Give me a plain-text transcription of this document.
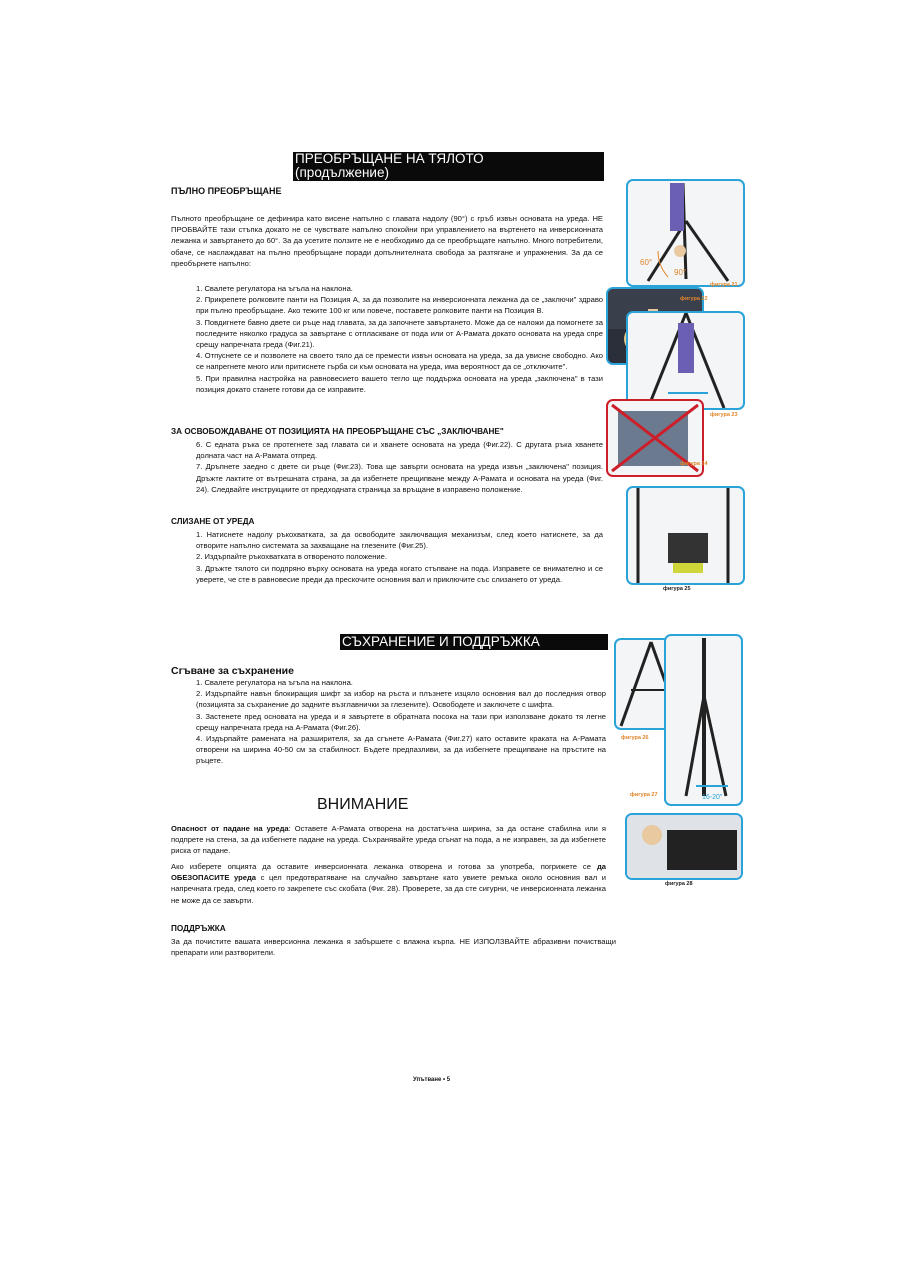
ПРЕОБРЪЩАНЕ НА ТЯЛОТО
(продължение)
ПЪЛНО ПРЕОБРЪЩАНЕ
Пълното преобръщане се дефинира като висене напълно с главата надолу (90°) с гръб извън основата на уреда. НЕ ПРОБВАЙТЕ тази стъпка докато не се чувствате напълно спокойни при управлението на въртенето на инверсионната лежанка и завъртането до 60°. За да усетите ползите не е необходимо да се преобръщате напълно. Много потребители, обаче, се наслаждават на пълно преобръщане поради допълнителната свобода за разтягане и упражнения. За да се преобърнете напълно:
1. Свалете регулатора на ъгъла на наклона.
2. Прикрепете ролковите панти на Позиция А, за да позволите на инверсионната лежанка да се „заключи" здраво при пълно преобръщане. Ако тежите 100 кг или повече, поставете ролковите панти на Позиция В.
3. Повдигнете бавно двете си ръце над главата, за да започнете завъртането. Може да се наложи да помогнете за последните няколко градуса за завъртане с отпласкване от пода или от А-Рамата докато основата на уреда спре срещу напречната греда (Фиг.21).
4. Отпуснете се и позволете на своето тяло да се премести извън основата на уреда, за да увисне свободно. Ако се напрегнете много или притиснете гърба си към основата на уреда, има вероятност да се „отключите".
5. При правилна настройка на равновесието вашето тегло ще поддържа основата на уреда „заключена" в тази позиция докато станете готови да се изправите.
ЗА ОСВОБОЖДАВАНЕ ОТ ПОЗИЦИЯТА НА ПРЕОБРЪЩАНЕ СЪС „ЗАКЛЮЧВАНЕ"
6. С едната ръка се протегнете зад главата си и хванете основата на уреда (Фиг.22). С другата ръка хванете долната част на А-Рамата отпред.
7. Дръпнете заедно с двете си ръце (Фиг.23). Това ще завърти основата на уреда извън „заключена" позиция. Дръжте лактите от вътрешната страна, за да избегнете прещипване между А-Рамата и основата на уреда (Фиг. 24). Следвайте инструкциите от предходната страница за връщане в изправено положение.
СЛИЗАНЕ ОТ УРЕДА
1. Натиснете надолу ръкохватката, за да освободите заключващия механизъм, след което натиснете, за да отворите напълно системата за захващане на глезените (Фиг.25).
2. Издърпайте ръкохватката в отвореното положение.
3. Дръжте тялото си подпряно върху основата на уреда когато стъпване на пода. Изправете се внимателно и се уверете, че сте в равновесие преди да прескочите основния вал и приключите със слизането от уреда.
СЪХРАНЕНИЕ И ПОДДРЪЖКА
Сгъване за съхранение
1. Свалете регулатора на ъгъла на наклона.
2. Издърпайте навън блокиращия шифт за избор на ръста и плъзнете изцяло основния вал до последния отвор (позицията за съхранение до задните възглавнички за глезените). Освободете и заключете с шифта.
3. Застенете пред основата на уреда и я завъртете в обратната посока на тази при използване докато тя легне срещу напречната греда на А-Рамата (Фиг.26).
4. Издърпайте рамената на разширителя, за да сгънете А-Рамата (Фиг.27) като оставите краката на А-Рамата отворени на ширина 40-50 см за стабилност. Бъдете предпазливи, за да избегнете прещипване на пръстите на ръцете.
ВНИМАНИЕ
Опасност от падане на уреда: Оставете А-Рамата отворена на достатъчна ширина, за да остане стабилна или я подпрете на стена, за да избегнете падане на уреда. Съхранявайте уреда сгънат на пода, а не изправен, за да избегнете риска от падане.
Ако изберете опцията да оставите инверсионната лежанка отворена и готова за употреба, погрижете се да ОБЕЗОПАСИТЕ уреда с цел предотвратяване на случайно завъртане като увиете ремъка около основния вал и напречната греда, след което го закрепете със скобата (Фиг. 28). Проверете, за да сте сигурни, че инверсионната лежанка не може да се завърти.
ПОДДРЪЖКА
За да почистите вашата инверсионна лежанка я забършете с влажна кърпа. НЕ ИЗПОЛЗВАЙТЕ абразивни почистващи препарати или разтворители.
Упътване • 5
60°
90°
фигура 21
фигура 22
фигура 23
фигура 24
фигура 25
фигура 26
16-20"
фигура 27
фигура 28
